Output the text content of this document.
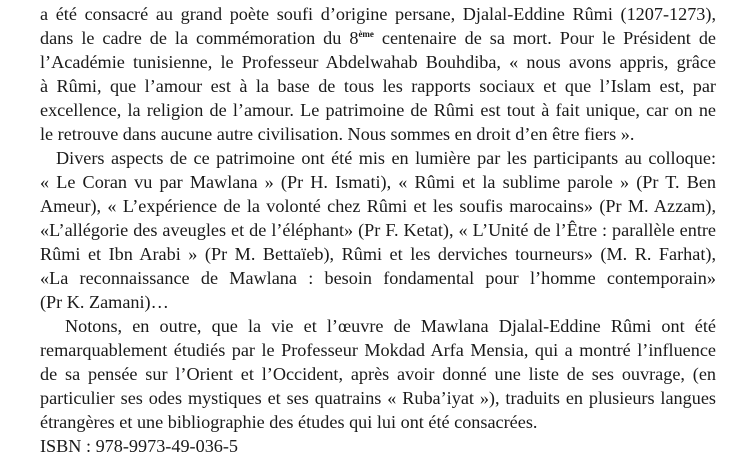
a été consacré au grand poète soufi d’origine persane, Djalal-Eddine Rûmi (1207-1273),
dans le cadre de la commémoration du 8ème centenaire de sa mort. Pour le Président de
l’Académie tunisienne, le Professeur Abdelwahab Bouhdiba, « nous avons appris, grâce
à Rûmi, que l’amour est à la base de tous les rapports sociaux et que l’Islam est, par
excellence, la religion de l’amour. Le patrimoine de Rûmi est tout à fait unique, car on ne
le retrouve dans aucune autre civilisation. Nous sommes en droit d’en être fiers ».
Divers aspects de ce patrimoine ont été mis en lumière par les participants au colloque:
« Le Coran vu par Mawlana » (Pr H. Ismati), « Rûmi et la sublime parole » (Pr T. Ben
Ameur), « L’expérience de la volonté chez Rûmi et les soufis marocains» (Pr M. Azzam),
«L’allégorie des aveugles et de l’éléphant» (Pr F. Ketat), « L’Unité de l’Être : parallèle entre
Rûmi et Ibn Arabi » (Pr M. Bettaïeb), Rûmi et les derviches tourneurs» (M. R. Farhat),
«La reconnaissance de Mawlana : besoin fondamental pour l’homme contemporain»
(Pr K. Zamani)…
Notons, en outre, que la vie et l’œuvre de Mawlana Djalal-Eddine Rûmi ont été
remarquablement étudiés par le Professeur Mokdad Arfa Mensia, qui a montré l’influence
de sa pensée sur l’Orient et l’Occident, après avoir donné une liste de ses ouvrage, (en
particulier ses odes mystiques et ses quatrains « Ruba’iyat »), traduits en plusieurs langues
étrangères et une bibliographie des études qui lui ont été consacrées.
ISBN : 978-9973-49-036-5
